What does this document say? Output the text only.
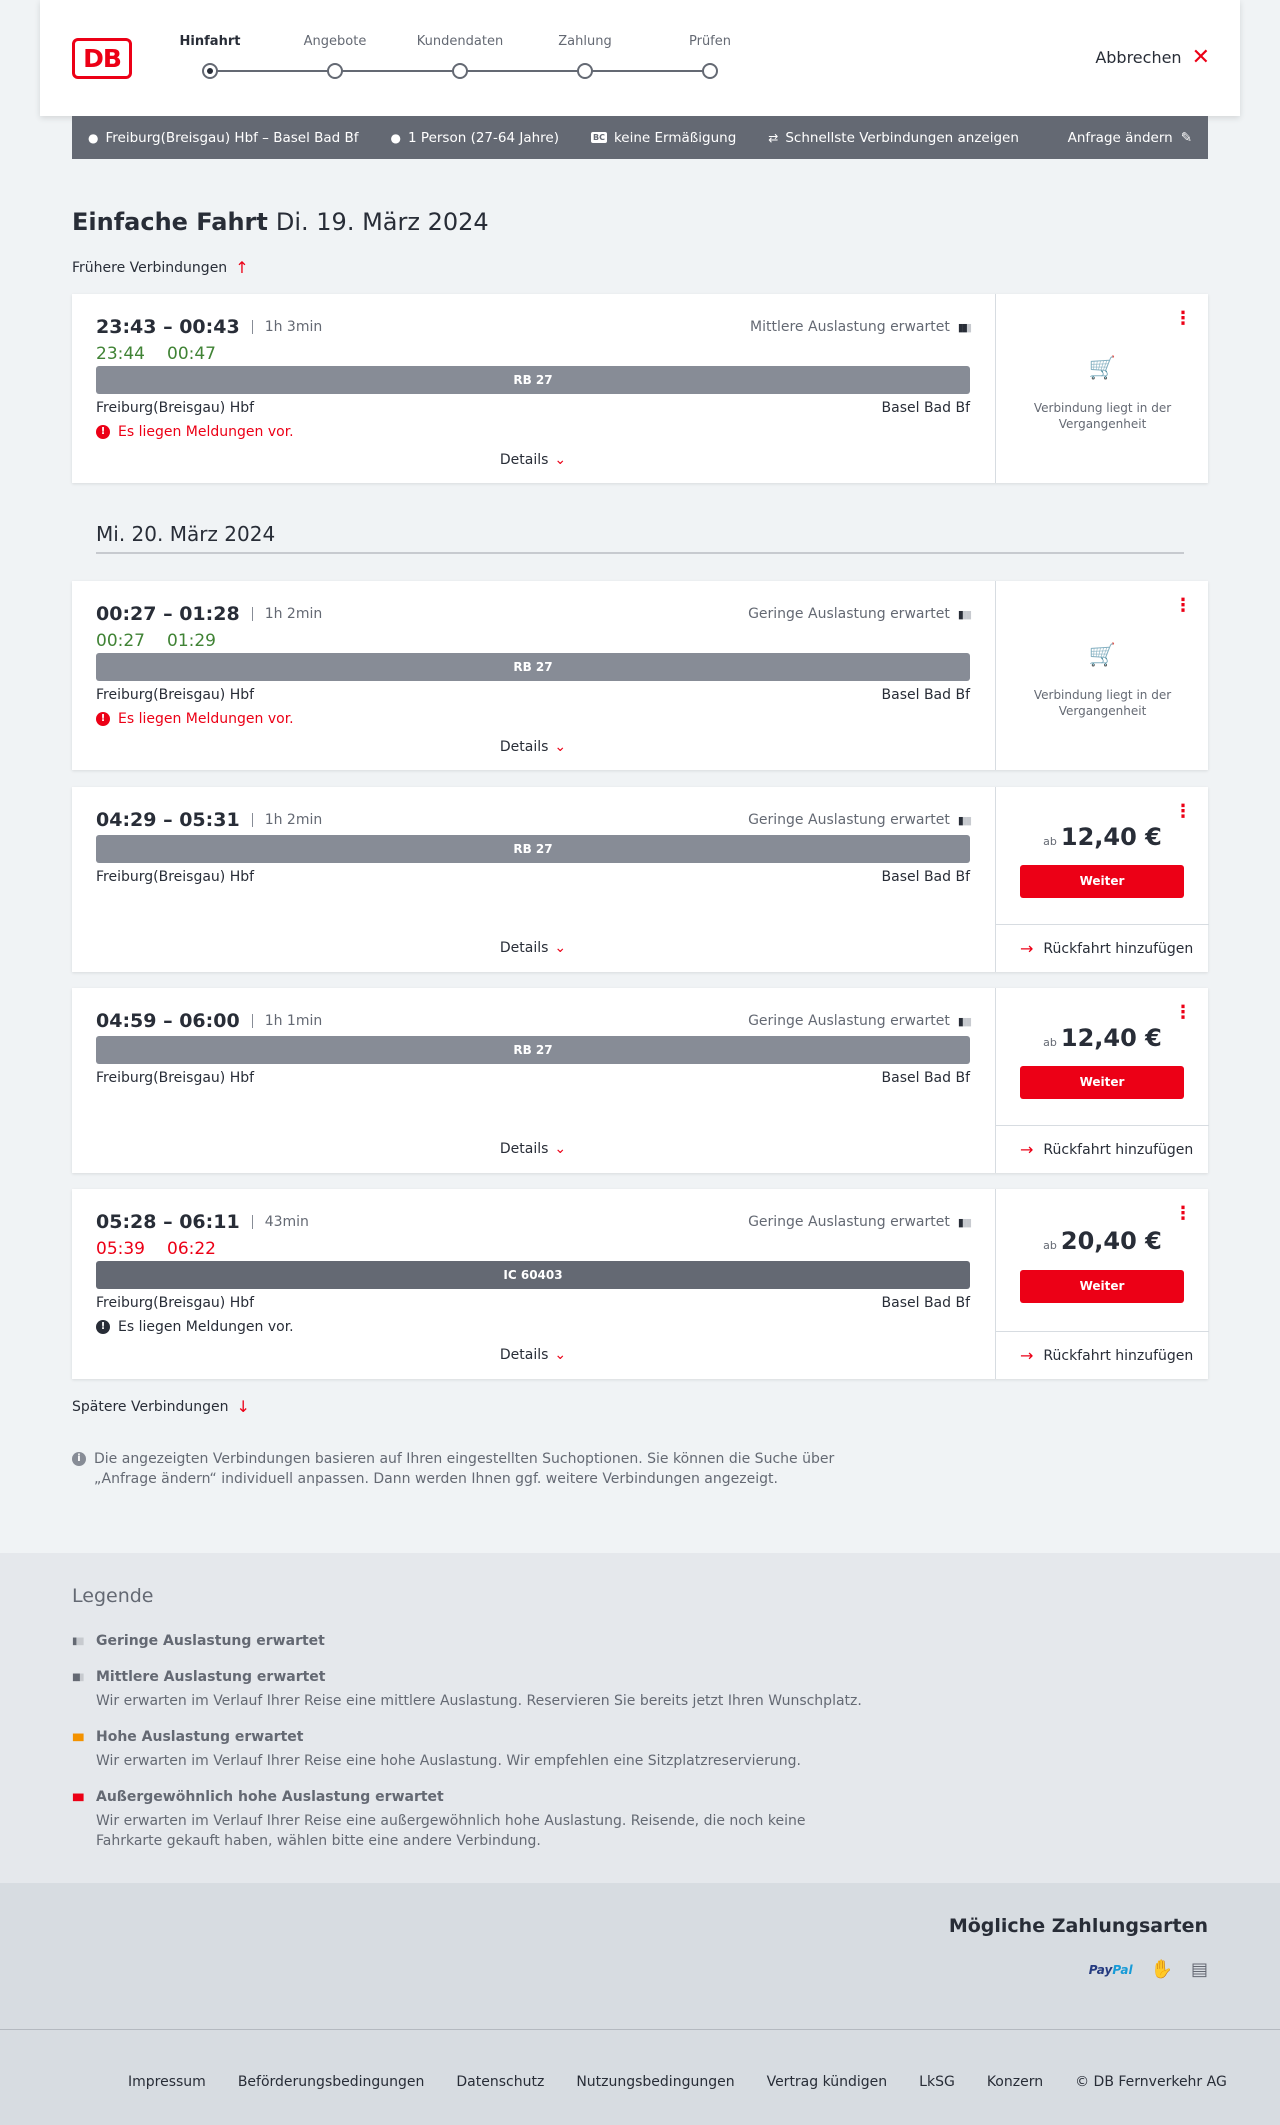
DB
Hinfahrt	Angebote	Kundendaten	Zahlung	Prüfen
Abbrechen ✕
● Freiburg(Breisgau) Hbf – Basel Bad Bf	● 1 Person (27-64 Jahre)	BC keine Ermäßigung	⇄ Schnellste Verbindungen anzeigen	Anfrage ändern ✎
Einfache Fahrt Di. 19. März 2024
Frühere Verbindungen ↑
23:43 – 00:43	1h 3min	Mittlere Auslastung erwartet ▮▮▮
23:44 00:47
RB 27
Freiburg(Breisgau) Hbf	Basel Bad Bf
! Es liegen Meldungen vor.
Details ⌄
⋮
🛒
Verbindung liegt in der Vergangenheit
Mi. 20. März 2024
00:27 – 01:28	1h 2min	Geringe Auslastung erwartet ▮▮▮
00:27 01:29
RB 27
Freiburg(Breisgau) Hbf	Basel Bad Bf
! Es liegen Meldungen vor.
Details ⌄
⋮
🛒
Verbindung liegt in der Vergangenheit
04:29 – 05:31	1h 2min	Geringe Auslastung erwartet ▮▮▮
RB 27
Freiburg(Breisgau) Hbf	Basel Bad Bf
Details ⌄
⋮
ab 12,40 €
Weiter
→ Rückfahrt hinzufügen
04:59 – 06:00	1h 1min	Geringe Auslastung erwartet ▮▮▮
RB 27
Freiburg(Breisgau) Hbf	Basel Bad Bf
Details ⌄
⋮
ab 12,40 €
Weiter
→ Rückfahrt hinzufügen
05:28 – 06:11	43min	Geringe Auslastung erwartet ▮▮▮
05:39 06:22
IC 60403
Freiburg(Breisgau) Hbf	Basel Bad Bf
! Es liegen Meldungen vor.
Details ⌄
⋮
ab 20,40 €
Weiter
→ Rückfahrt hinzufügen
Spätere Verbindungen ↓
i Die angezeigten Verbindungen basieren auf Ihren eingestellten Suchoptionen. Sie können die Suche über „Anfrage ändern“ individuell anpassen. Dann werden Ihnen ggf. weitere Verbindungen angezeigt.
Legende
▮▮▮ Geringe Auslastung erwartet
▮▮▮ Mittlere Auslastung erwartet
Wir erwarten im Verlauf Ihrer Reise eine mittlere Auslastung. Reservieren Sie bereits jetzt Ihren Wunschplatz.
▮▮▮ Hohe Auslastung erwartet
Wir erwarten im Verlauf Ihrer Reise eine hohe Auslastung. Wir empfehlen eine Sitzplatzreservierung.
▮▮▮ Außergewöhnlich hohe Auslastung erwartet
Wir erwarten im Verlauf Ihrer Reise eine außergewöhnlich hohe Auslastung. Reisende, die noch keine Fahrkarte gekauft haben, wählen bitte eine andere Verbindung.
Mögliche Zahlungsarten
PayPal ✋ ▤
Impressum Beförderungsbedingungen Datenschutz Nutzungsbedingungen Vertrag kündigen LkSG Konzern © DB Fernverkehr AG
